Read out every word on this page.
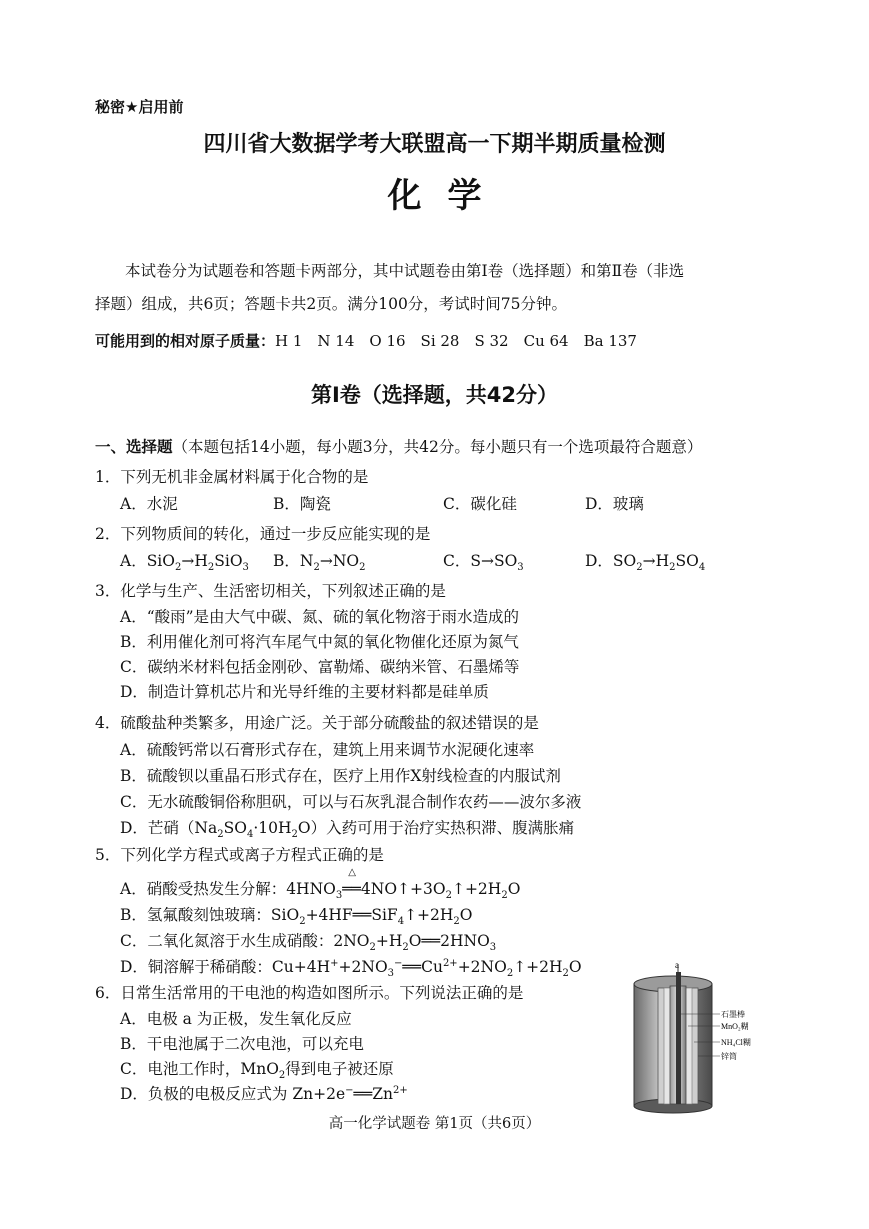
秘密★启用前
四川省大数据学考大联盟高一下期半期质量检测
化学
本试卷分为试题卷和答题卡两部分，其中试题卷由第Ⅰ卷（选择题）和第Ⅱ卷（非选
择题）组成，共6页；答题卡共2页。满分100分，考试时间75分钟。
可能用到的相对原子质量：H 1　N 14　O 16　Si 28　S 32　Cu 64　Ba 137
第Ⅰ卷（选择题，共42分）
一、选择题（本题包括14小题，每小题3分，共42分。每小题只有一个选项最符合题意）
1．下列无机非金属材料属于化合物的是
A．水泥	B．陶瓷	C．碳化硅	D．玻璃
2．下列物质间的转化，通过一步反应能实现的是
A．$SiO_2\to H_2SiO_3$ B．$N_2\to NO_2$	C．$S\to SO_3$	D．$SO_2\to H_2SO_4$
3．化学与生产、生活密切相关，下列叙述正确的是
A．“酸雨”是由大气中碳、氮、硫的氧化物溶于雨水造成的
B．利用催化剂可将汽车尾气中氮的氧化物催化还原为氮气
C．碳纳米材料包括金刚砂、富勒烯、碳纳米管、石墨烯等
D．制造计算机芯片和光导纤维的主要材料都是硅单质
4．硫酸盐种类繁多，用途广泛。关于部分硫酸盐的叙述错误的是
A．硫酸钙常以石膏形式存在，建筑上用来调节水泥硬化速率
B．硫酸钡以重晶石形式存在，医疗上用作X射线检查的内服试剂
C．无水硫酸铜俗称胆矾，可以与石灰乳混合制作农药——波尔多液
D．芒硝$(Na_2SO_4\cdot 10H_2O)$入药可用于治疗实热积滞、腹满胀痛
5．下列化学方程式或离子方程式正确的是
A．硝酸受热发生分解：$4HNO_3$
△
$══4NO↑+3O_2↑+2H_2O$
B．氢氟酸刻蚀玻璃：$SiO_2+4HF══SiF_4↑+2H_2O$
C．二氧化氮溶于水生成硝酸：$2NO_2+H_2O══2HNO_3$
D．铜溶解于稀硝酸：$Cu+4H^++2NO_3^-══Cu^{2+}+2NO_2↑+2H_2O$
6．日常生活常用的干电池的构造如图所示。下列说法正确的是
A．电极 a 为正极，发生氧化反应
B．干电池属于二次电池，可以充电
C．电池工作时，MnO$_2$得到电子被还原
D．负极的电极反应式为 $Zn+2e^-══Zn^{2+}$
a
石墨棒
MnO₂糊
NH₄Cl糊
锌筒
高一化学试题卷 第1页（共6页）
